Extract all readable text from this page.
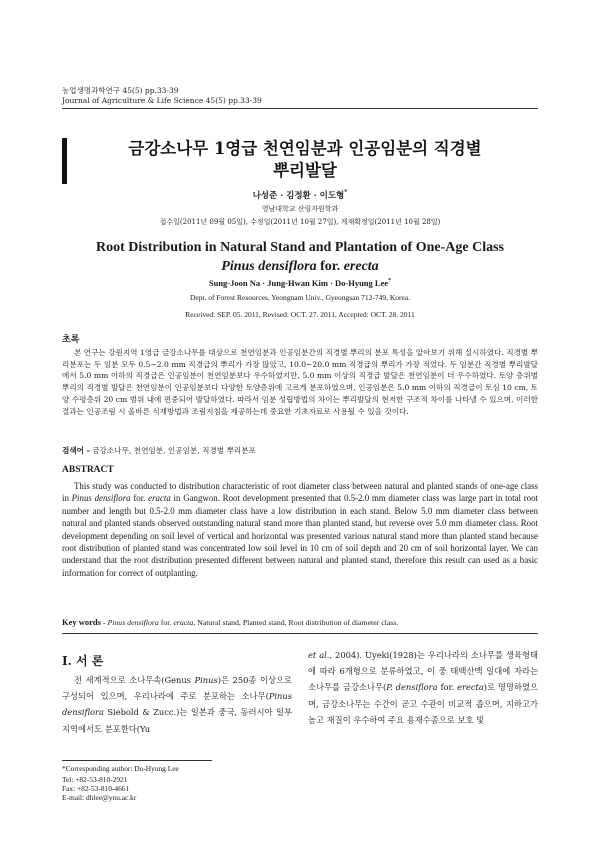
농업생명과학연구 45(5) pp.33-39
Journal of Agriculture & Life Science 45(5) pp.33-39
금강소나무 1영급 천연임분과 인공임분의 직경별
뿌리발달
나성준 · 김정환 · 이도형*
영남대학교 산림자원학과
접수일(2011년 09월 05일), 수정일(2011년 10월 27일), 게재확정일(2011년 10월 28일)
Root Distribution in Natural Stand and Plantation of One-Age Class
Pinus densiflora for. erecta
Sung-Joon Na · Jung-Hwan Kim · Do-Hyung Lee*
Dept. of Forest Resources, Yeongnam Univ., Gyeongsan 712-749, Korea.
Received: SEP. 05. 2011, Revised: OCT. 27. 2011, Accepted: OCT. 28. 2011
초록
본 연구는 강원지역 1영급 금강소나무를 대상으로 천연임분과 인공임분간의 직경별 뿌리의 분포 특성을 알아보기 위해 실시하였다. 직경별 뿌리분포는 두 임분 모두 0.5~2.0 mm 직경급의 뿌리가 가장 많았고, 10.0~20.0 mm 직경급의 뿌리가 가장 적었다. 두 임분간 직경별 뿌리발달에서 5.0 mm 이하의 직경급은 인공임분이 천연임분보다 우수하였지만, 5.0 mm 이상의 직경급 발달은 천연임분이 더 우수하였다. 토양 층위별 뿌리의 직경별 발달은 천연임분이 인공임분보다 다양한 토양층위에 고르게 분포하였으며, 인공임분은 5.0 mm 이하의 직경급이 토심 10 cm, 토양 수평층위 20 cm 범위 내에 편중되어 발달하였다. 따라서 임분 성립방법의 차이는 뿌리발달의 현저한 구조적 차이를 나타낼 수 있으며, 이러한 결과는 인공조림 시 올바른 식재방법과 조림지침을 제공하는데 중요한 기초자료로 사용될 수 있을 것이다.
검색어 - 금강소나무, 천연임분, 인공임분, 직경별 뿌리분포
ABSTRACT
This study was conducted to distribution characteristic of root diameter class between natural and planted stands of one-age class in Pinus densiflora for. eracta in Gangwon. Root development presented that 0.5-2.0 mm diameter class was large part in total root number and length but 0.5-2.0 mm diameter class have a low distribution in each stand. Below 5.0 mm diameter class between natural and planted stands observed outstanding natural stand more than planted stand, but reverse over 5.0 mm diameter class. Root development depending on soil level of vertical and horizontal was presented various natural stand more than planted stand because root distribution of planted stand was concentrated low soil level in 10 cm of soil depth and 20 cm of soil horizontal layer. We can understand that the root distribution presented different between natural and planted stand, therefore this result can used as a basic information for correct of outplanting.
Key words - Pinus densiflora for. eracta, Natural stand, Planted stand, Root distribution of diameter class.
I. 서 론
전 세계적으로 소나무속(Genus Pinus)은 250종 이상으로 구성되어 있으며, 우리나라에 주로 분포하는 소나무(Pinus densiflora Siebold & Zucc.)는 일본과 중국, 동러시아 일부지역에서도 분포한다(Yu
et al., 2004). Uyeki(1928)는 우리나라의 소나무를 생육형태에 따라 6개형으로 분류하였고, 이 중 태백산맥 일대에 자라는 소나무를 금강소나무(P. densiflora for. erecta)로 명명하였으며, 금강소나무는 수간이 곧고 수관이 비교적 좁으며, 지하고가 높고 재질이 우수하여 주요 용재수종으로 보호 빛
*Corresponding author: Do-Hyung Lee
Tel: +82-53-810-2921
Fax: +82-53-810-4661
E-mail: dhlee@ynu.ac.kr
